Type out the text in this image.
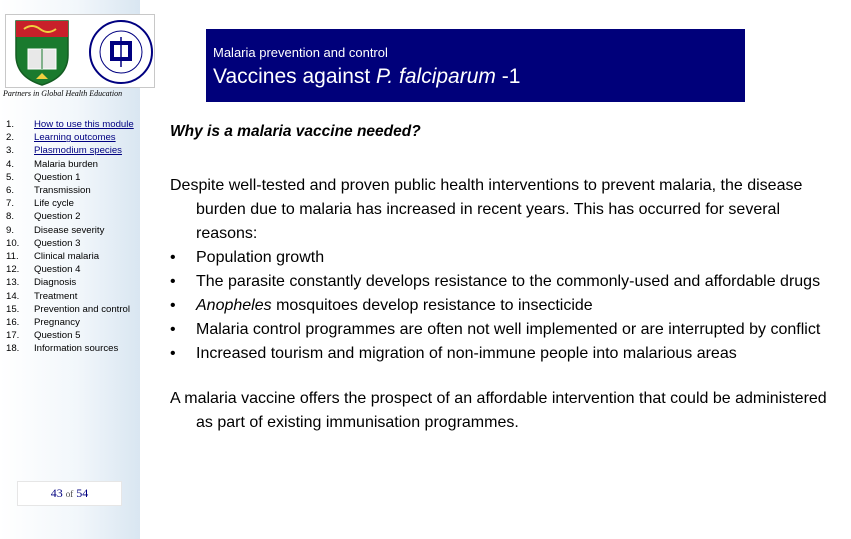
Partners in Global Health Education
Malaria prevention and control
Vaccines against P. falciparum -1
1.	How to use this module
2.	Learning outcomes
3.	Plasmodium species
4.	Malaria burden
5.	Question 1
6.	Transmission
7.	Life cycle
8.	Question 2
9.	Disease severity
10.	Question 3
11.	Clinical malaria
12.	Question 4
13.	Diagnosis
14.	Treatment
15.	Prevention and control
16.	Pregnancy
17.	Question 5
18.	Information sources
43 of 54
Why is a malaria vaccine needed?
Despite well-tested and proven public health interventions to prevent malaria, the disease burden due to malaria has increased in recent years. This has occurred for several reasons:
•	Population growth
•	The parasite constantly develops resistance to the commonly-used and affordable drugs
•	Anopheles mosquitoes develop resistance to insecticide
•	Malaria control programmes are often not well implemented or are interrupted by conflict
•	Increased tourism and migration of non-immune people into malarious areas
A malaria vaccine offers the prospect of an affordable intervention that could be administered as part of existing immunisation programmes.
